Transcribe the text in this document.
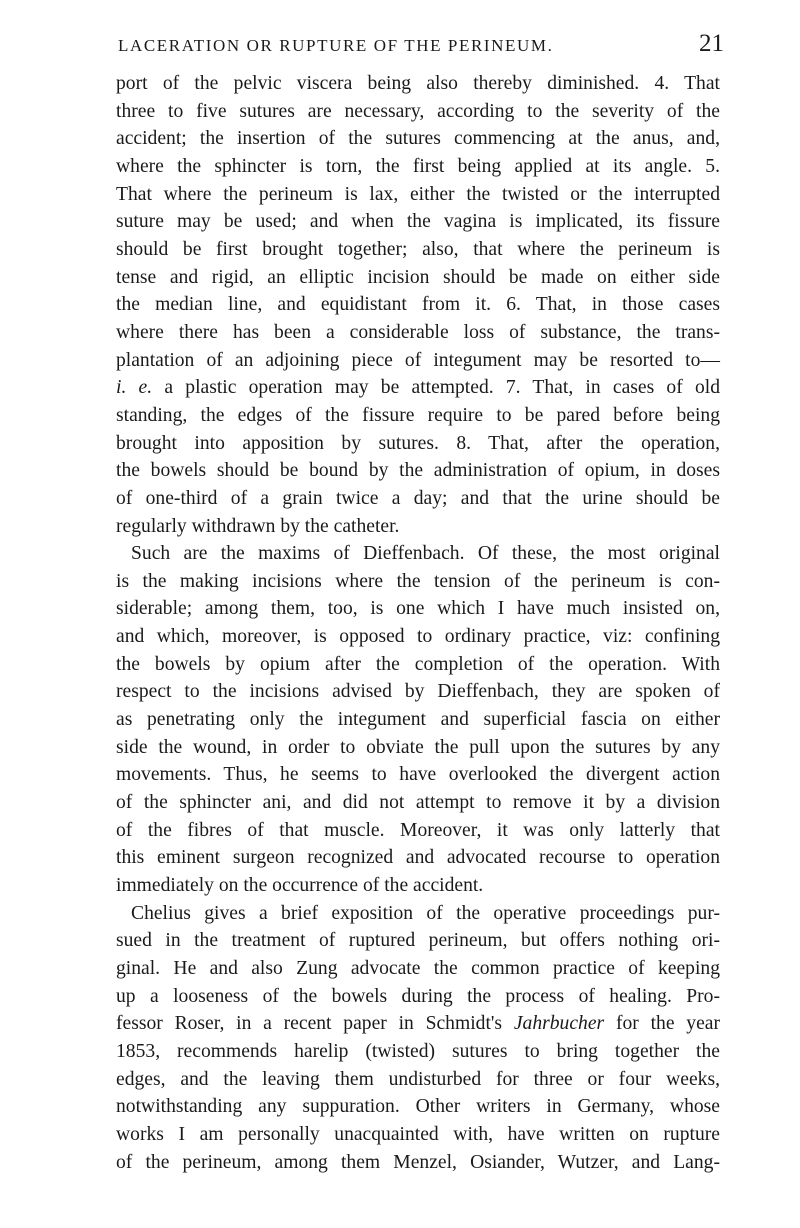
LACERATION OR RUPTURE OF THE PERINEUM.	21
port of the pelvic viscera being also thereby diminished. 4. That
three to five sutures are necessary, according to the severity of the
accident; the insertion of the sutures commencing at the anus, and,
where the sphincter is torn, the first being applied at its angle. 5.
That where the perineum is lax, either the twisted or the interrupted
suture may be used; and when the vagina is implicated, its fissure
should be first brought together; also, that where the perineum is
tense and rigid, an elliptic incision should be made on either side
the median line, and equidistant from it. 6. That, in those cases
where there has been a considerable loss of substance, the trans-
plantation of an adjoining piece of integument may be resorted to—
i. e. a plastic operation may be attempted. 7. That, in cases of old
standing, the edges of the fissure require to be pared before being
brought into apposition by sutures. 8. That, after the operation,
the bowels should be bound by the administration of opium, in doses
of one-third of a grain twice a day; and that the urine should be
regularly withdrawn by the catheter.
Such are the maxims of Dieffenbach. Of these, the most original
is the making incisions where the tension of the perineum is con-
siderable; among them, too, is one which I have much insisted on,
and which, moreover, is opposed to ordinary practice, viz: confining
the bowels by opium after the completion of the operation. With
respect to the incisions advised by Dieffenbach, they are spoken of
as penetrating only the integument and superficial fascia on either
side the wound, in order to obviate the pull upon the sutures by any
movements. Thus, he seems to have overlooked the divergent action
of the sphincter ani, and did not attempt to remove it by a division
of the fibres of that muscle. Moreover, it was only latterly that
this eminent surgeon recognized and advocated recourse to operation
immediately on the occurrence of the accident.
Chelius gives a brief exposition of the operative proceedings pur-
sued in the treatment of ruptured perineum, but offers nothing ori-
ginal. He and also Zung advocate the common practice of keeping
up a looseness of the bowels during the process of healing. Pro-
fessor Roser, in a recent paper in Schmidt's Jahrbucher for the year
1853, recommends harelip (twisted) sutures to bring together the
edges, and the leaving them undisturbed for three or four weeks,
notwithstanding any suppuration. Other writers in Germany, whose
works I am personally unacquainted with, have written on rupture
of the perineum, among them Menzel, Osiander, Wutzer, and Lang-
